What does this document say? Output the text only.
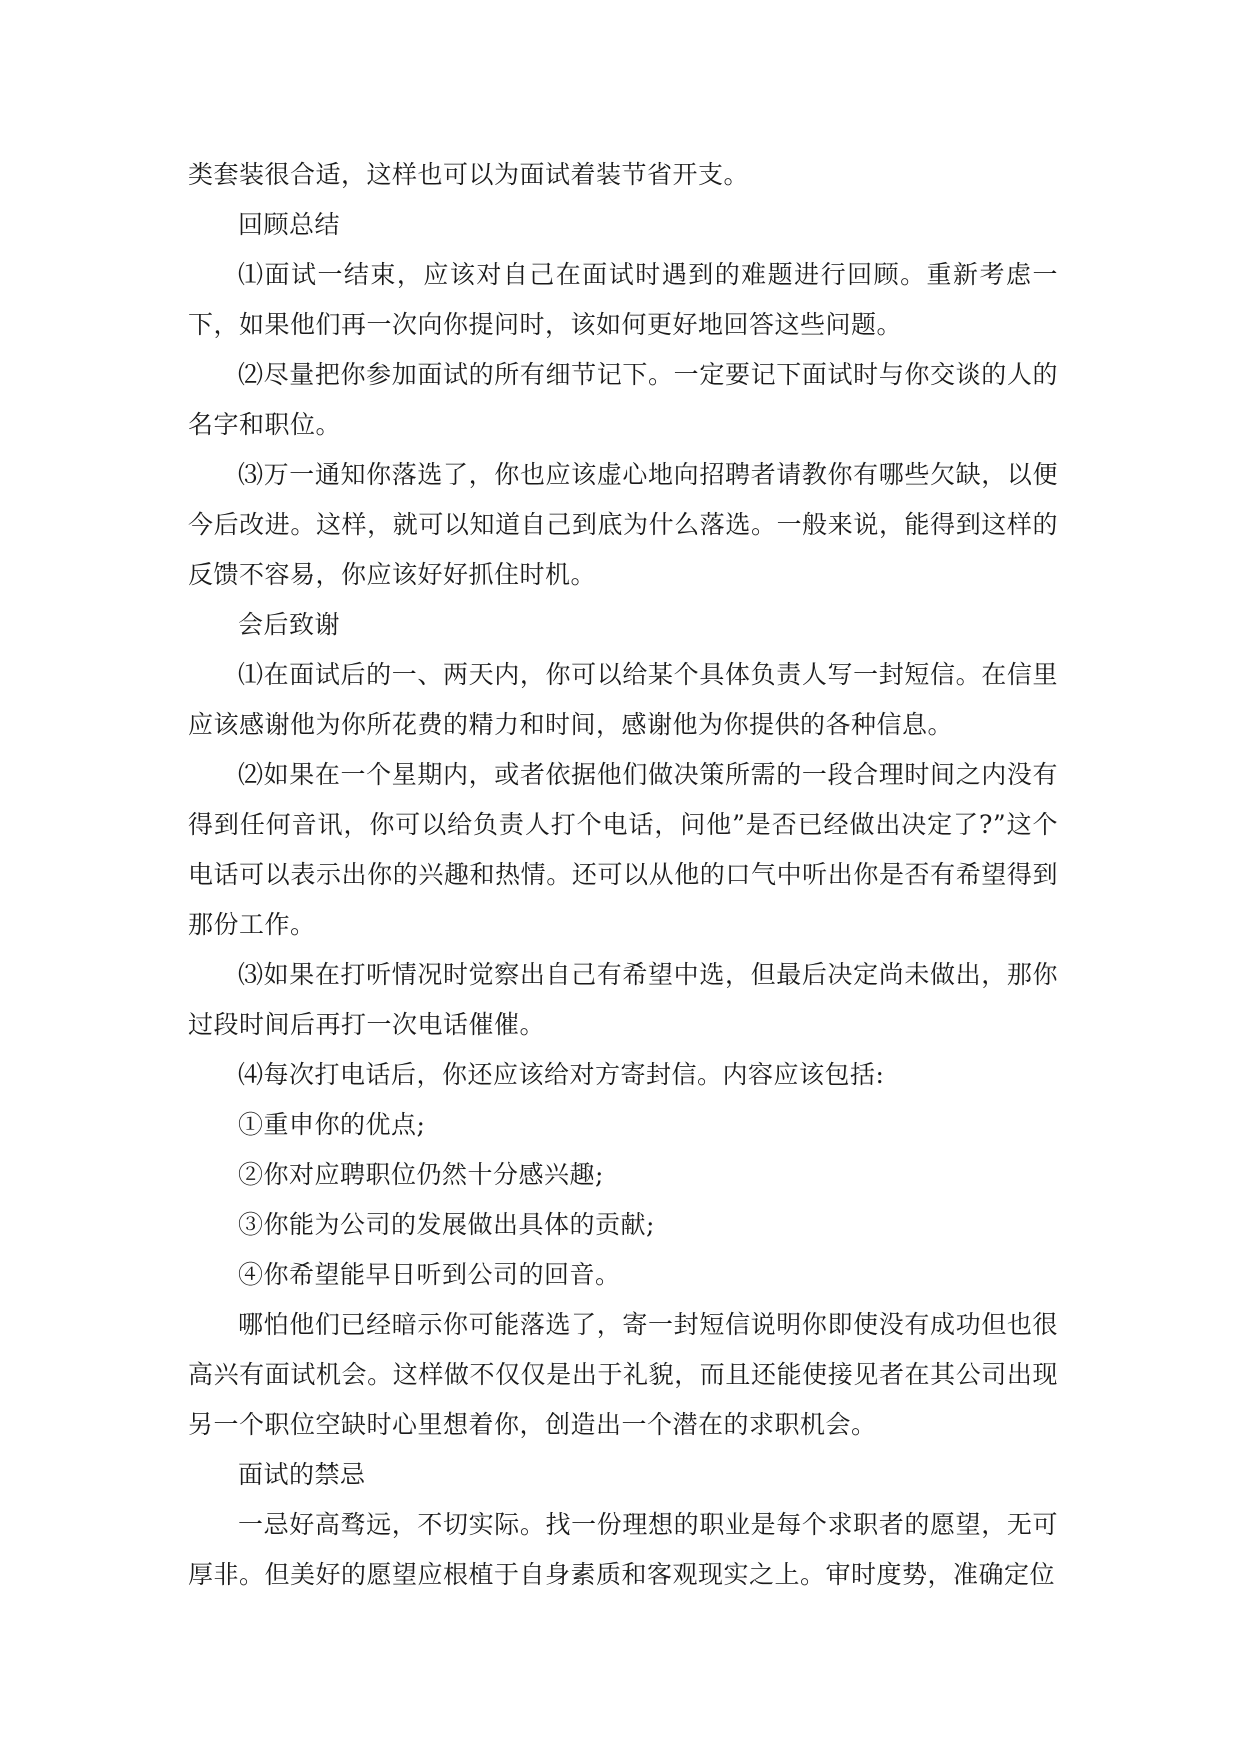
类套装很合适，这样也可以为面试着装节省开支。

回顾总结

⑴面试一结束，应该对自己在面试时遇到的难题进行回顾。重新考虑一下，如果他们再一次向你提问时，该如何更好地回答这些问题。

⑵尽量把你参加面试的所有细节记下。一定要记下面试时与你交谈的人的名字和职位。

⑶万一通知你落选了，你也应该虚心地向招聘者请教你有哪些欠缺，以便今后改进。这样，就可以知道自己到底为什么落选。一般来说，能得到这样的反馈不容易，你应该好好抓住时机。

会后致谢

⑴在面试后的一、两天内，你可以给某个具体负责人写一封短信。在信里应该感谢他为你所花费的精力和时间，感谢他为你提供的各种信息。

⑵如果在一个星期内，或者依据他们做决策所需的一段合理时间之内没有得到任何音讯，你可以给负责人打个电话，问他”是否已经做出决定了?”这个电话可以表示出你的兴趣和热情。还可以从他的口气中听出你是否有希望得到那份工作。

⑶如果在打听情况时觉察出自己有希望中选，但最后决定尚未做出，那你过段时间后再打一次电话催催。

⑷每次打电话后，你还应该给对方寄封信。内容应该包括:

①重申你的优点;

②你对应聘职位仍然十分感兴趣;

③你能为公司的发展做出具体的贡献;

④你希望能早日听到公司的回音。

哪怕他们已经暗示你可能落选了，寄一封短信说明你即使没有成功但也很高兴有面试机会。这样做不仅仅是出于礼貌，而且还能使接见者在其公司出现另一个职位空缺时心里想着你，创造出一个潜在的求职机会。

面试的禁忌

一忌好高骛远，不切实际。找一份理想的职业是每个求职者的愿望，无可厚非。但美好的愿望应根植于自身素质和客观现实之上。审时度势，准确定位
